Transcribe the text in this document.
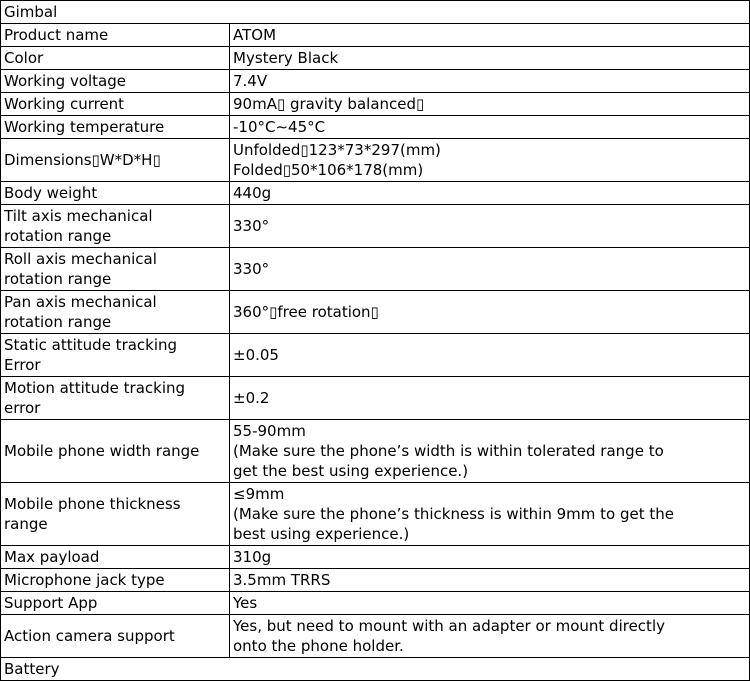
Gimbal	
Product name	ATOM
Color	Mystery Black
Working voltage	7.4V
Working current	90mA▯ gravity balanced▯
Working temperature	-10°C∼45°C
Dimensions▯W*D*H▯	Unfolded▯123*73*297(mm)
Folded▯50*106*178(mm)
Body weight	440g
Tilt axis mechanical
rotation range	330°
Roll axis mechanical
rotation range	330°
Pan axis mechanical
rotation range	360°▯free rotation▯
Static attitude tracking
Error	±0.05
Motion attitude tracking
error	±0.2
Mobile phone width range	55-90mm
(Make sure the phone’s width is within tolerated range to
get the best using experience.)
Mobile phone thickness
range	≤9mm
(Make sure the phone’s thickness is within 9mm to get the
best using experience.)
Max payload	310g
Microphone jack type	3.5mm TRRS
Support App	Yes
Action camera support	Yes, but need to mount with an adapter or mount directly
onto the phone holder.
Battery	
